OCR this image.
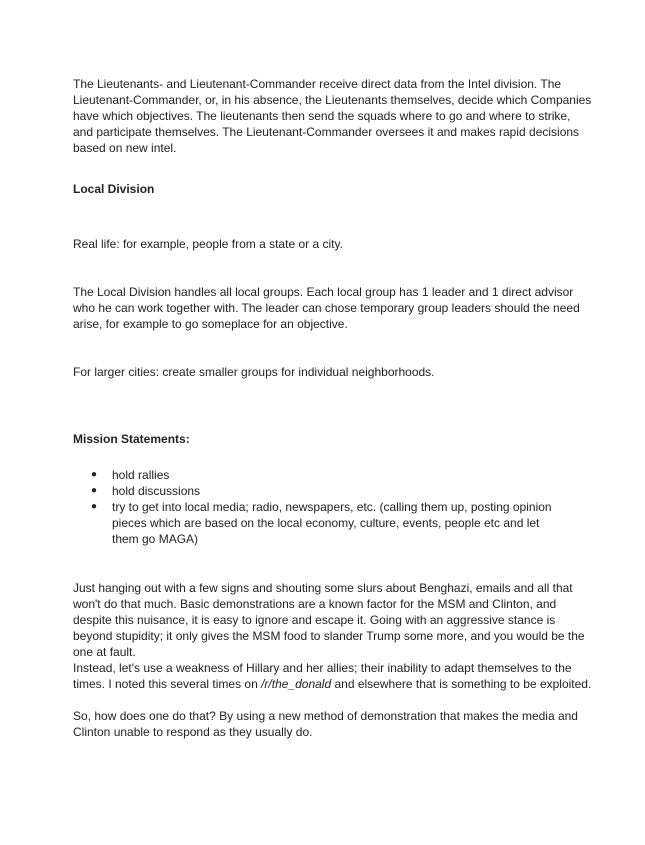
The Lieutenants- and Lieutenant-Commander receive direct data from the Intel division. The Lieutenant-Commander, or, in his absence, the Lieutenants themselves, decide which Companies have which objectives. The lieutenants then send the squads where to go and where to strike, and participate themselves. The Lieutenant-Commander oversees it and makes rapid decisions based on new intel.

Local Division

Real life: for example, people from a state or a city.

The Local Division handles all local groups. Each local group has 1 leader and 1 direct advisor who he can work together with. The leader can chose temporary group leaders should the need arise, for example to go someplace for an objective.

For larger cities: create smaller groups for individual neighborhoods.

Mission Statements:

● hold rallies
● hold discussions
● try to get into local media; radio, newspapers, etc. (calling them up, posting opinion pieces which are based on the local economy, culture, events, people etc and let them go MAGA)

Just hanging out with a few signs and shouting some slurs about Benghazi, emails and all that won't do that much. Basic demonstrations are a known factor for the MSM and Clinton, and despite this nuisance, it is easy to ignore and escape it. Going with an aggressive stance is beyond stupidity; it only gives the MSM food to slander Trump some more, and you would be the one at fault.

Instead, let's use a weakness of Hillary and her allies; their inability to adapt themselves to the times. I noted this several times on /r/the_donald and elsewhere that is something to be exploited.

So, how does one do that? By using a new method of demonstration that makes the media and Clinton unable to respond as they usually do.
